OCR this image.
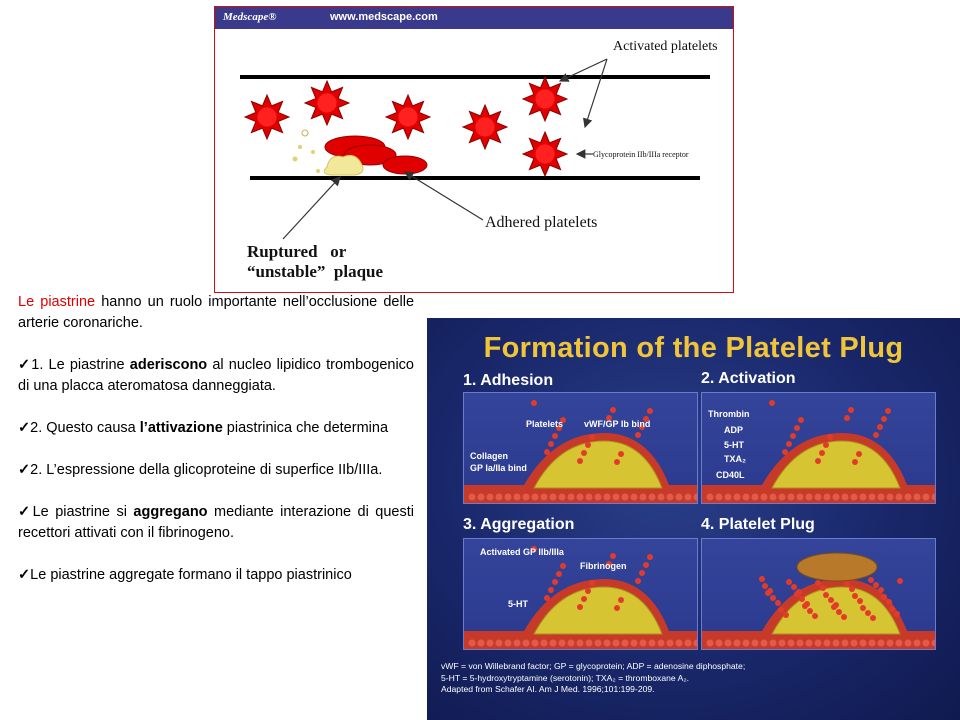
Medscape®	www.medscape.com
Activated platelets
Glycoprotein IIb/IIIa receptor
Adhered platelets
Ruptured   or
“unstable”  plaque

Le piastrine hanno un ruolo importante nell’occlusione delle arterie coronariche.

✓1. Le piastrine aderiscono al nucleo lipidico trombogenico di una placca ateromatosa danneggiata.

✓2. Questo causa l’attivazione piastrinica che determina

✓2. L’espressione della glicoproteine di superfice IIb/IIIa.

✓Le piastrine si aggregano mediante interazione di questi recettori attivati con il fibrinogeno.

✓Le piastrine aggregate formano il tappo piastrinico

Formation of the Platelet Plug
1. Adhesion	2. Activation
3. Aggregation	4. Platelet Plug
Platelets vWF/GP Ib bind
Collagen
GP Ia/IIa bind
Thrombin
ADP
5-HT
TXA₂
CD40L
Activated GP IIb/IIIa
Fibrinogen
5-HT
vWF = von Willebrand factor; GP = glycoprotein; ADP = adenosine diphosphate;
5-HT = 5-hydroxytryptamine (serotonin); TXA₂ = thromboxane A₂.
Adapted from Schafer AI. Am J Med. 1996;101:199-209.
